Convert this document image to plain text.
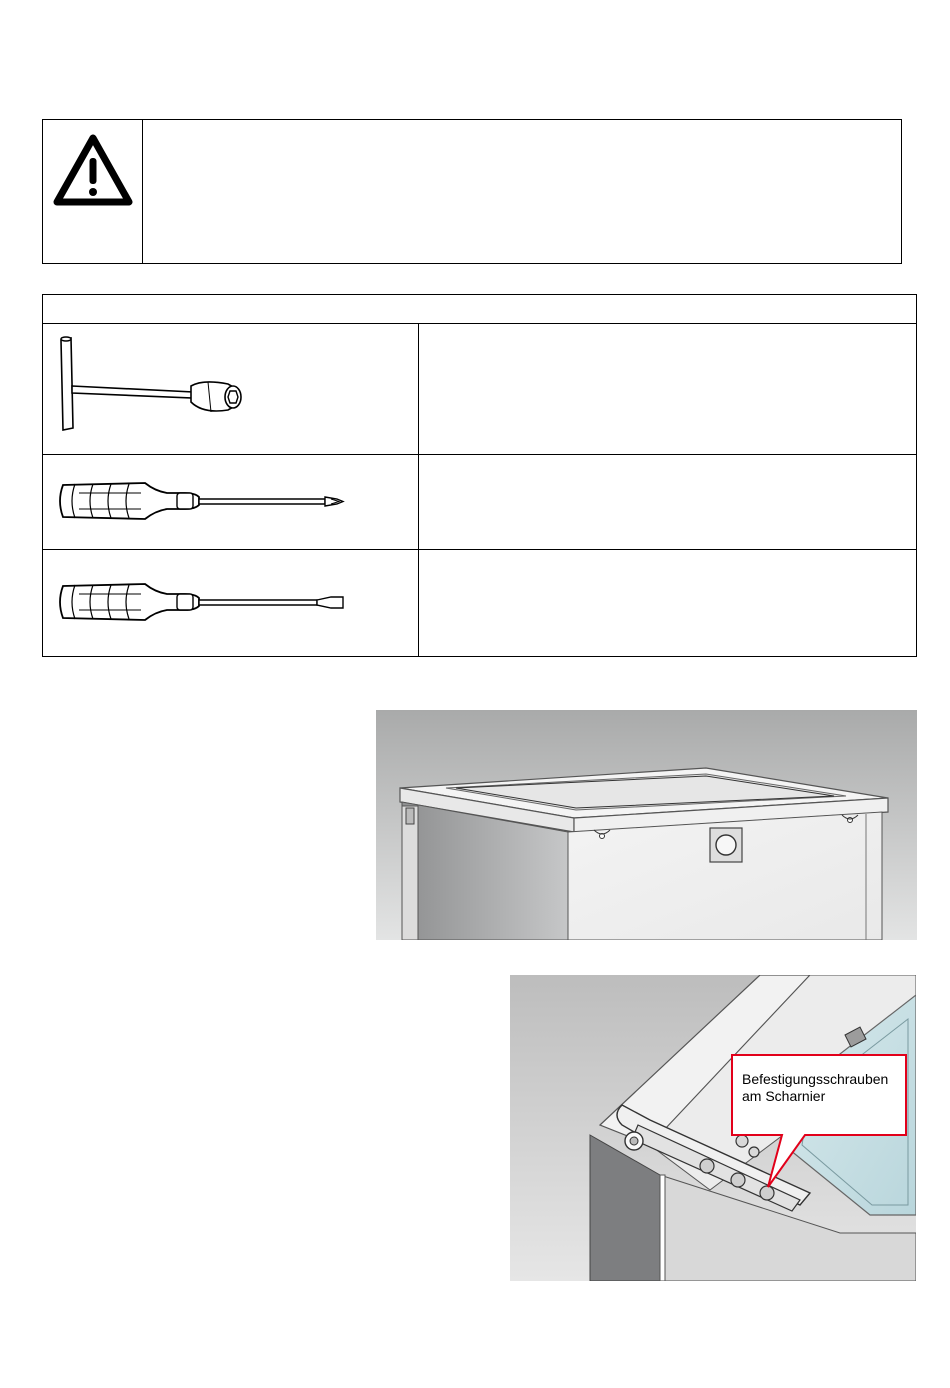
Befestigungsschrauben
am Scharnier
